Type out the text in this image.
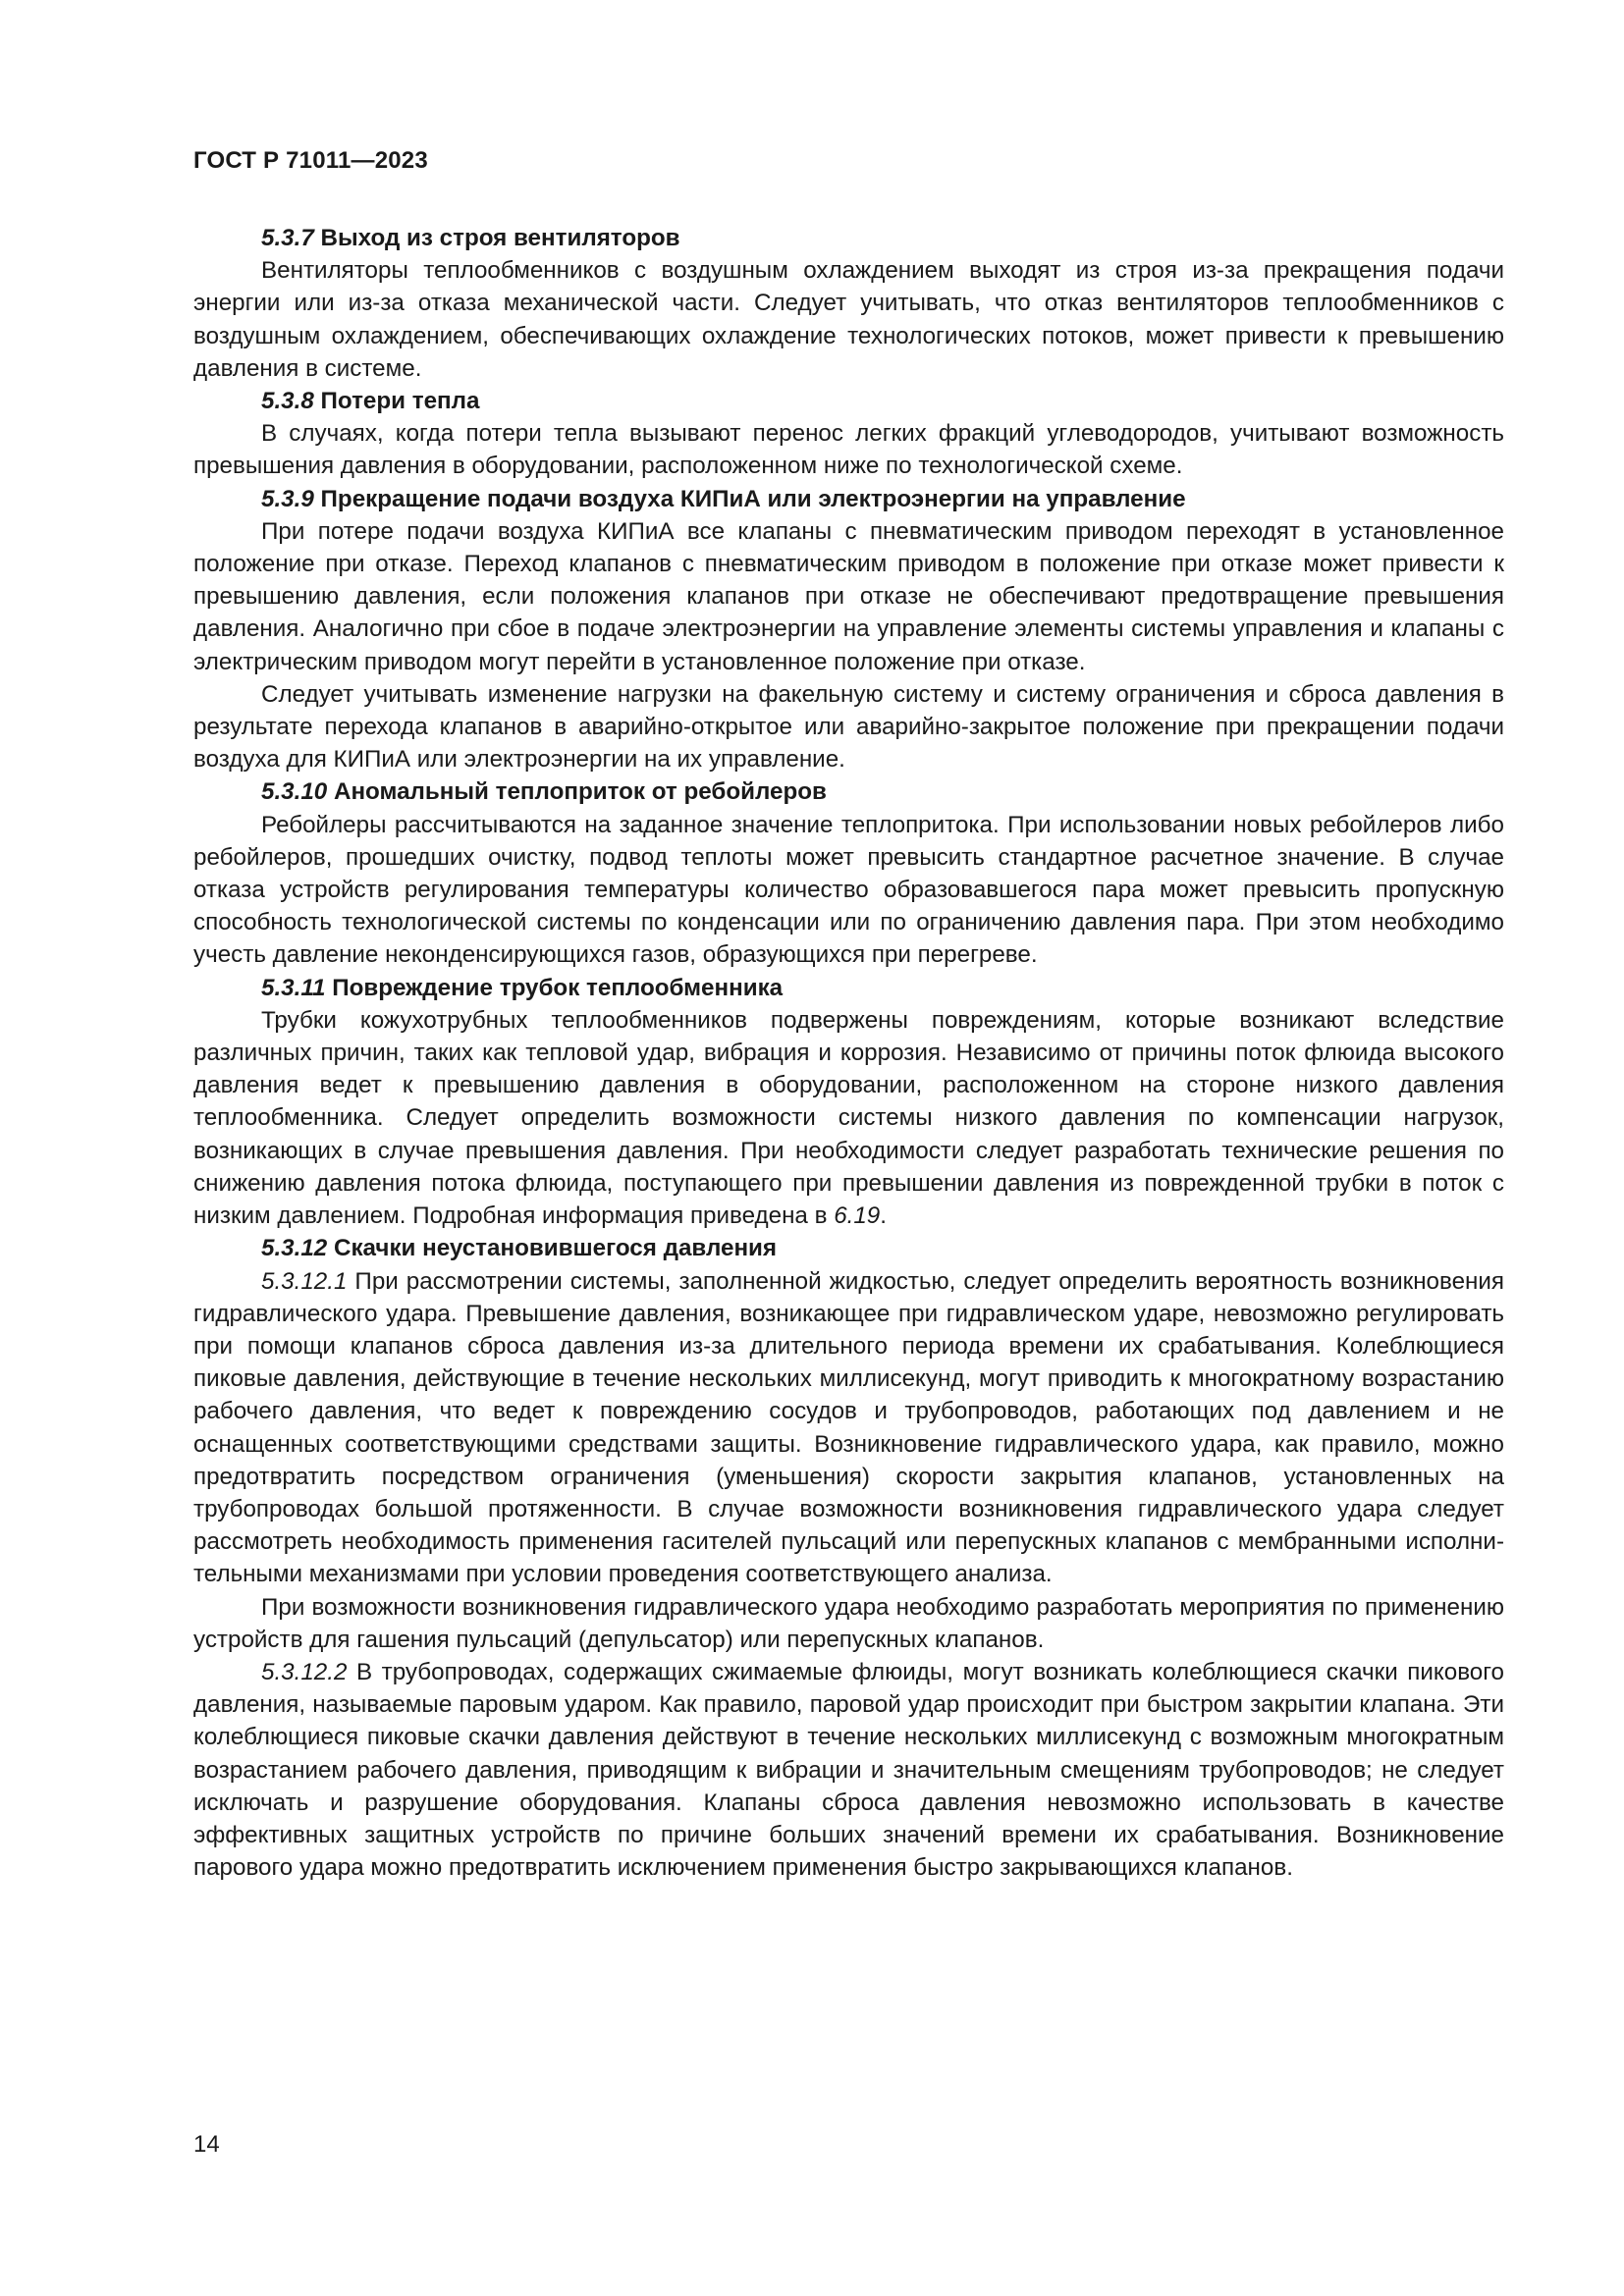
ГОСТ Р 71011—2023

5.3.7 Выход из строя вентиляторов

Вентиляторы теплообменников с воздушным охлаждением выходят из строя из-за прекращения подачи энергии или из-за отказа механической части. Следует учитывать, что отказ вентиляторов теплообменников с воздушным охлаждением, обеспечивающих охлаждение технологических потоков, может привести к превышению давления в системе.

5.3.8 Потери тепла

В случаях, когда потери тепла вызывают перенос легких фракций углеводородов, учитывают возможность превышения давления в оборудовании, расположенном ниже по технологической схеме.

5.3.9 Прекращение подачи воздуха КИПиА или электроэнергии на управление

При потере подачи воздуха КИПиА все клапаны с пневматическим приводом переходят в установленное положение при отказе. Переход клапанов с пневматическим приводом в положение при отказе может привести к превышению давления, если положения клапанов при отказе не обеспечивают предотвращение превышения давления. Аналогично при сбое в подаче электроэнергии на управление элементы системы управления и клапаны с электрическим приводом могут перейти в установленное положение при отказе.

Следует учитывать изменение нагрузки на факельную систему и систему ограничения и сброса давления в результате перехода клапанов в аварийно-открытое или аварийно-закрытое положение при прекращении подачи воздуха для КИПиА или электроэнергии на их управление.

5.3.10 Аномальный теплоприток от ребойлеров

Ребойлеры рассчитываются на заданное значение теплопритока. При использовании новых ребойлеров либо ребойлеров, прошедших очистку, подвод теплоты может превысить стандартное расчетное значение. В случае отказа устройств регулирования температуры количество образовавшегося пара может превысить пропускную способность технологической системы по конденсации или по ограничению давления пара. При этом необходимо учесть давление неконденсирующихся газов, образующихся при перегреве.

5.3.11 Повреждение трубок теплообменника

Трубки кожухотрубных теплообменников подвержены повреждениям, которые возникают вследствие различных причин, таких как тепловой удар, вибрация и коррозия. Независимо от причины поток флюида высокого давления ведет к превышению давления в оборудовании, расположенном на стороне низкого давления теплообменника. Следует определить возможности системы низкого давления по компенсации нагрузок, возникающих в случае превышения давления. При необходимости следует разработать технические решения по снижению давления потока флюида, поступающего при превышении давления из поврежденной трубки в поток с низким давлением. Подробная информация приведена в 6.19.

5.3.12 Скачки неустановившегося давления

5.3.12.1 При рассмотрении системы, заполненной жидкостью, следует определить вероятность возникновения гидравлического удара. Превышение давления, возникающее при гидравлическом ударе, невозможно регулировать при помощи клапанов сброса давления из-за длительного периода времени их срабатывания. Колеблющиеся пиковые давления, действующие в течение нескольких миллисекунд, могут приводить к многократному возрастанию рабочего давления, что ведет к повреждению сосудов и трубопроводов, работающих под давлением и не оснащенных соответствующими средствами защиты. Возникновение гидравлического удара, как правило, можно предотвратить посредством ограничения (уменьшения) скорости закрытия клапанов, установленных на трубопроводах большой протяженности. В случае возможности возникновения гидравлического удара следует рассмотреть необходимость применения гасителей пульсаций или перепускных клапанов с мембранными исполнительными механизмами при условии проведения соответствующего анализа.

При возможности возникновения гидравлического удара необходимо разработать мероприятия по применению устройств для гашения пульсаций (депульсатор) или перепускных клапанов.

5.3.12.2 В трубопроводах, содержащих сжимаемые флюиды, могут возникать колеблющиеся скачки пикового давления, называемые паровым ударом. Как правило, паровой удар происходит при быстром закрытии клапана. Эти колеблющиеся пиковые скачки давления действуют в течение нескольких миллисекунд с возможным многократным возрастанием рабочего давления, приводящим к вибрации и значительным смещениям трубопроводов; не следует исключать и разрушение оборудования. Клапаны сброса давления невозможно использовать в качестве эффективных защитных устройств по причине больших значений времени их срабатывания. Возникновение парового удара можно предотвратить исключением применения быстро закрывающихся клапанов.

14
